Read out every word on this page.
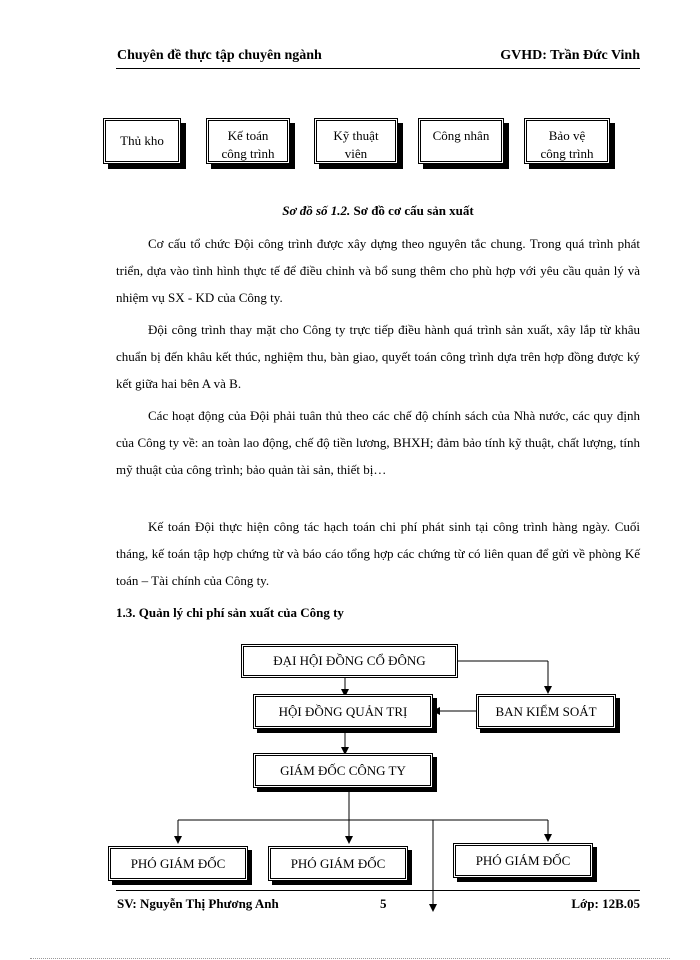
Chuyên đề thực tập chuyên ngành	GVHD: Trần Đức Vinh
Thủ kho	Kế toán
công trình
Kỹ thuật
viên
Công nhân	Bảo vệ
công trình
Sơ đồ số 1.2. Sơ đồ cơ cấu sản xuất

Cơ cấu tổ chức Đội công trình được xây dựng theo nguyên tắc chung. Trong quá trình phát triển, dựa vào tình hình thực tế để điều chỉnh và bổ sung thêm cho phù hợp với yêu cầu quản lý và nhiệm vụ SX - KD của Công ty.

Đội công trình thay mặt cho Công ty trực tiếp điều hành quá trình sản xuất, xây lắp từ khâu chuẩn bị đến khâu kết thúc, nghiệm thu, bàn giao, quyết toán công trình dựa trên hợp đồng được ký kết giữa hai bên A và B.

Các hoạt động của Đội phải tuân thủ theo các chế độ chính sách của Nhà nước, các quy định của Công ty về: an toàn lao động, chế độ tiền lương, BHXH; đảm bảo tính kỹ thuật, chất lượng, tính mỹ thuật của công trình; bảo quản tài sản, thiết bị…

Kế toán Đội thực hiện công tác hạch toán chi phí phát sinh tại công trình hàng ngày. Cuối tháng, kế toán tập hợp chứng từ và báo cáo tổng hợp các chứng từ có liên quan để gửi về phòng Kế toán – Tài chính của Công ty.

1.3. Quản lý chi phí sản xuất của Công ty
ĐẠI HỘI ĐỒNG CỔ ĐÔNG
HỘI ĐỒNG QUẢN TRỊ	BAN KIỂM SOÁT
GIÁM ĐỐC CÔNG TY
PHÓ GIÁM ĐỐC	PHÓ GIÁM ĐỐC	PHÓ GIÁM ĐỐC
SV: Nguyễn Thị Phương Anh	5	Lớp: 12B.05
